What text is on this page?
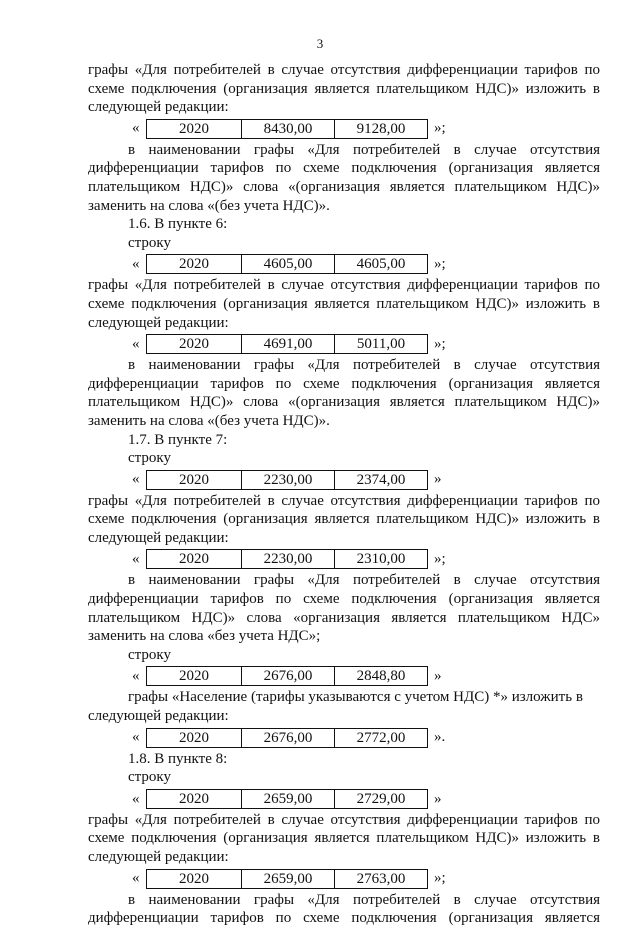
3
графы «Для потребителей в случае отсутствия дифференциации тарифов по
схеме подключения (организация является плательщиком НДС)» изложить в
следующей редакции:
«	2020	8430,00	9128,00	»;
в наименовании графы «Для потребителей в случае отсутствия
дифференциации тарифов по схеме подключения (организация является
плательщиком НДС)» слова «(организация является плательщиком НДС)»
заменить на слова «(без учета НДС)».
1.6. В пункте 6:
строку
«	2020	4605,00	4605,00	»;
графы «Для потребителей в случае отсутствия дифференциации тарифов по
схеме подключения (организация является плательщиком НДС)» изложить в
следующей редакции:
«	2020	4691,00	5011,00	»;
в наименовании графы «Для потребителей в случае отсутствия
дифференциации тарифов по схеме подключения (организация является
плательщиком НДС)» слова «(организация является плательщиком НДС)»
заменить на слова «(без учета НДС)».
1.7. В пункте 7:
строку
«	2020	2230,00	2374,00	»
графы «Для потребителей в случае отсутствия дифференциации тарифов по
схеме подключения (организация является плательщиком НДС)» изложить в
следующей редакции:
«	2020	2230,00	2310,00	»;
в наименовании графы «Для потребителей в случае отсутствия
дифференциации тарифов по схеме подключения (организация является
плательщиком НДС)» слова «организация является плательщиком НДС»
заменить на слова «без учета НДС»;
строку
«	2020	2676,00	2848,80	»
графы «Население (тарифы указываются с учетом НДС) *» изложить в
следующей редакции:
«	2020	2676,00	2772,00	».
1.8. В пункте 8:
строку
«	2020	2659,00	2729,00	»
графы «Для потребителей в случае отсутствия дифференциации тарифов по
схеме подключения (организация является плательщиком НДС)» изложить в
следующей редакции:
«	2020	2659,00	2763,00	»;
в наименовании графы «Для потребителей в случае отсутствия
дифференциации тарифов по схеме подключения (организация является
